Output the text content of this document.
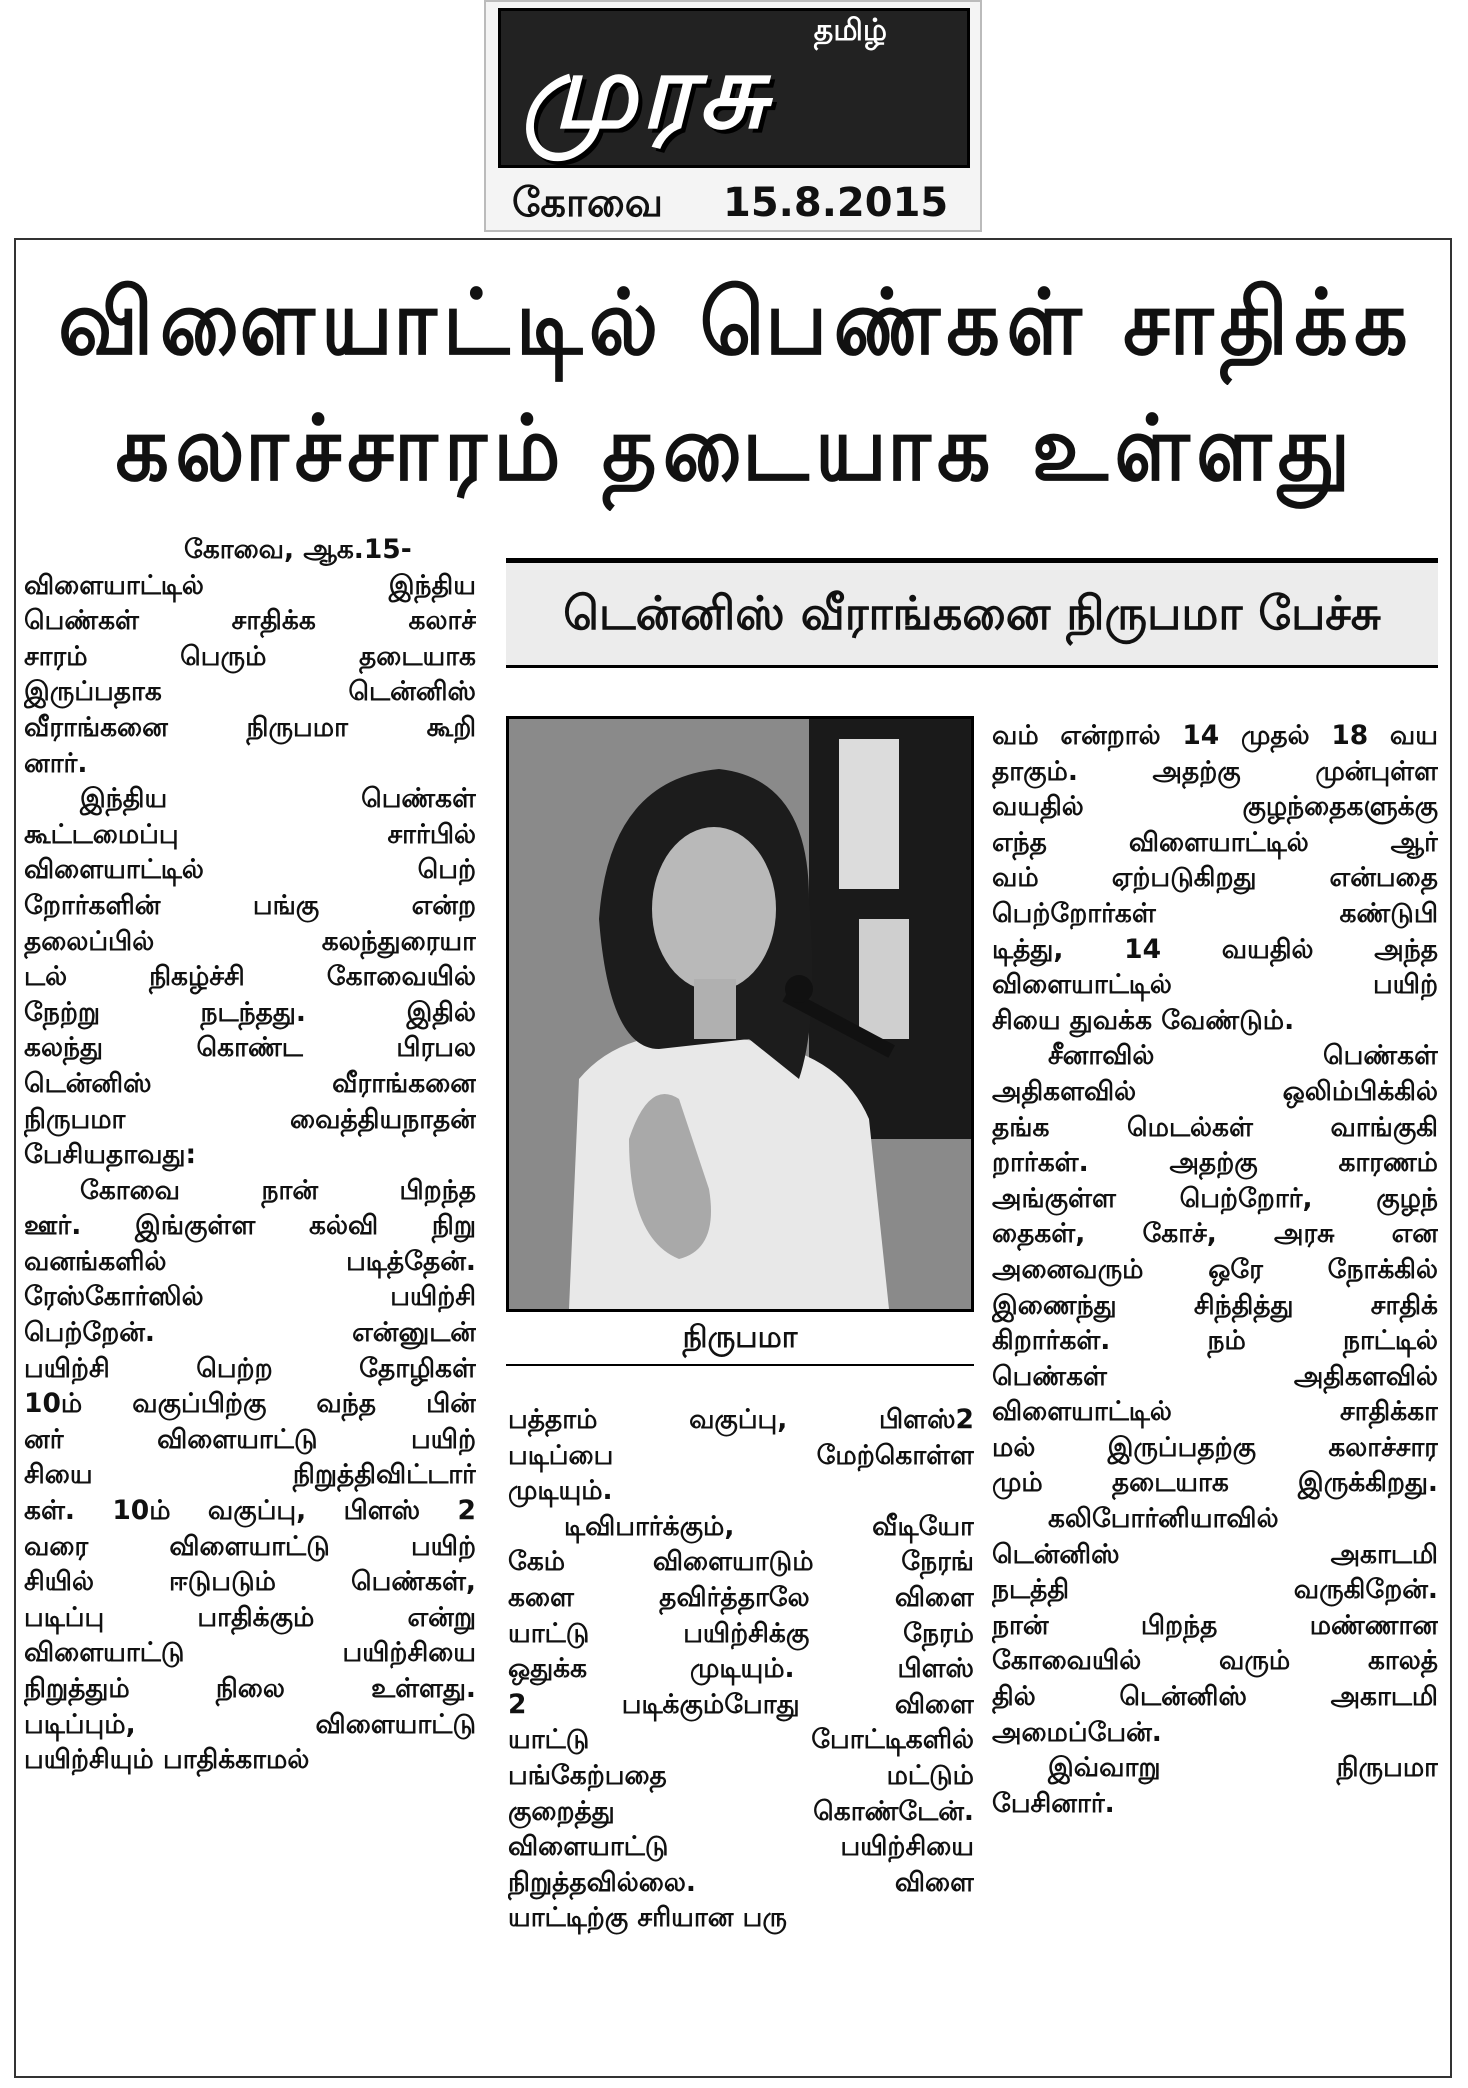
தமிழ்
முரசு
கோவை 15.8.2015
விளையாட்டில் பெண்கள் சாதிக்க
கலாச்சாரம் தடையாக உள்ளது
டென்னிஸ் வீராங்கனை நிருபமா பேச்சு

கோவை, ஆக.15-

விளையாட்டில் இந்திய

பெண்கள் சாதிக்க கலாச்

சாரம் பெரும் தடையாக

இருப்பதாக டென்னிஸ்

வீராங்கனை நிருபமா கூறி

னார்.

இந்திய பெண்கள்

கூட்டமைப்பு சார்பில்

விளையாட்டில் பெற்

றோர்களின் பங்கு என்ற

தலைப்பில் கலந்துரையா

டல் நிகழ்ச்சி கோவையில்

நேற்று நடந்தது. இதில்

கலந்து கொண்ட பிரபல

டென்னிஸ் வீராங்கனை

நிருபமா வைத்தியநாதன்

பேசியதாவது:

கோவை நான் பிறந்த

ஊர். இங்குள்ள கல்வி நிறு

வனங்களில் படித்தேன்.

ரேஸ்கோர்ஸில் பயிற்சி

பெற்றேன். என்னுடன்

பயிற்சி பெற்ற தோழிகள்

10ம் வகுப்பிற்கு வந்த பின்

னர் விளையாட்டு பயிற்

சியை நிறுத்திவிட்டார்

கள். 10ம் வகுப்பு, பிளஸ் 2

வரை விளையாட்டு பயிற்

சியில் ஈடுபடும் பெண்கள்,

படிப்பு பாதிக்கும் என்று

விளையாட்டு பயிற்சியை

நிறுத்தும் நிலை உள்ளது.

படிப்பும், விளையாட்டு

பயிற்சியும் பாதிக்காமல்

நிருபமா

பத்தாம் வகுப்பு, பிளஸ்2

படிப்பை மேற்கொள்ள

முடியும்.

டிவிபார்க்கும், வீடியோ

கேம் விளையாடும் நேரங்

களை தவிர்த்தாலே விளை

யாட்டு பயிற்சிக்கு நேரம்

ஒதுக்க முடியும். பிளஸ்

2 படிக்கும்போது விளை

யாட்டு போட்டிகளில்

பங்கேற்பதை மட்டும்

குறைத்து கொண்டேன்.

விளையாட்டு பயிற்சியை

நிறுத்தவில்லை. விளை

யாட்டிற்கு சரியான பரு

வம் என்றால் 14 முதல் 18 வய

தாகும். அதற்கு முன்புள்ள

வயதில் குழந்தைகளுக்கு

எந்த விளையாட்டில் ஆர்

வம் ஏற்படுகிறது என்பதை

பெற்றோர்கள் கண்டுபி

டித்து, 14 வயதில் அந்த

விளையாட்டில் பயிற்

சியை துவக்க வேண்டும்.

சீனாவில் பெண்கள்

அதிகளவில் ஒலிம்பிக்கில்

தங்க மெடல்கள் வாங்குகி

றார்கள். அதற்கு காரணம்

அங்குள்ள பெற்றோர், குழந்

தைகள், கோச், அரசு என

அனைவரும் ஒரே நோக்கில்

இணைந்து சிந்தித்து சாதிக்

கிறார்கள். நம் நாட்டில்

பெண்கள் அதிகளவில்

விளையாட்டில் சாதிக்கா

மல் இருப்பதற்கு கலாச்சார

மும் தடையாக இருக்கிறது.

கலிபோர்னியாவில்

டென்னிஸ் அகாடமி

நடத்தி வருகிறேன்.

நான் பிறந்த மண்ணான

கோவையில் வரும் காலத்

தில் டென்னிஸ் அகாடமி

அமைப்பேன்.

இவ்வாறு நிருபமா

பேசினார்.
